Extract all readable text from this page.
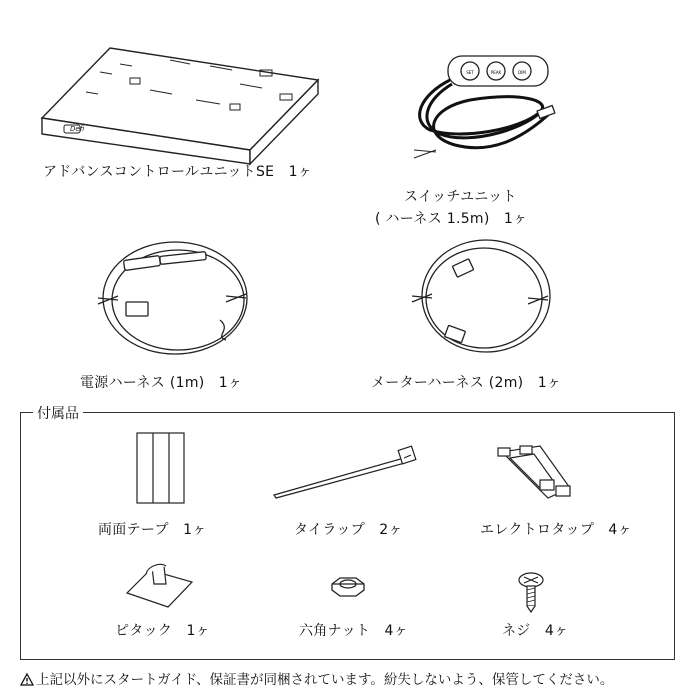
Defi
SET	PEAK	DIM
アドバンスコントロールユニットSE 1ヶ
スイッチユニット
( ハーネス 1.5m) 1ヶ
電源ハーネス (1m) 1ヶ	メーターハーネス (2m) 1ヶ
付属品
両面テープ 1ヶ	タイラップ 2ヶ	エレクトロタップ 4ヶ
ピタック 1ヶ	六角ナット 4ヶ	ネジ 4ヶ
上記以外にスタートガイド、保証書が同梱されています。紛失しないよう、保管してください。
